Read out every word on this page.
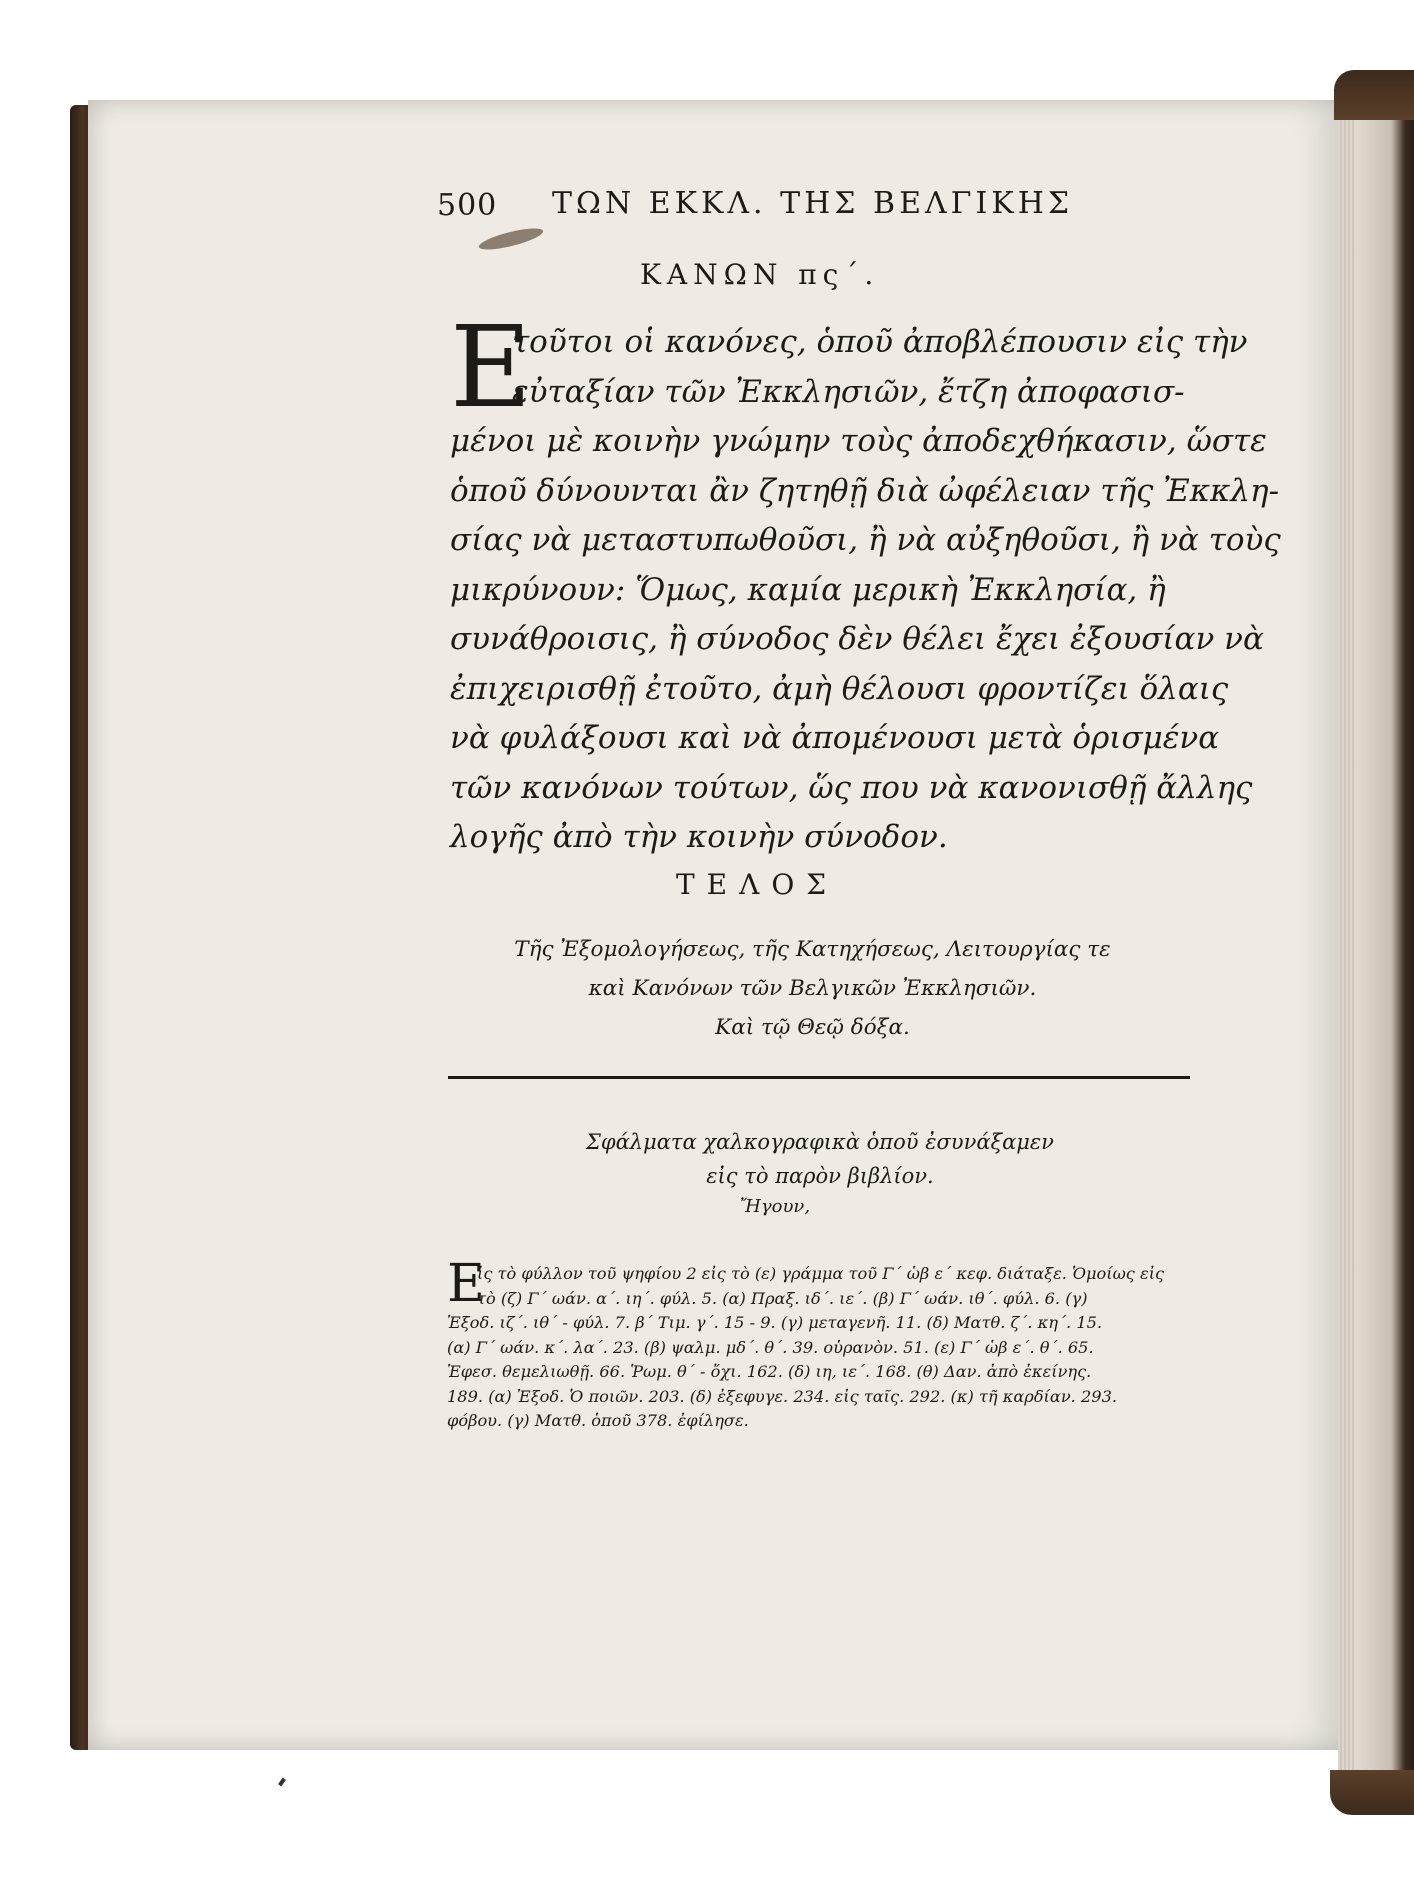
500 ΤΩΝ ΕΚΚΛ. ΤΗΣ ΒΕΛΓΙΚΗΣ
ΚΑΝΩΝ πς΄.
Ε
τοῦτοι οἱ κανόνες, ὁποῦ ἀποβλέπουσιν εἰς τὴν
εὐταξίαν τῶν Ἐκκλησιῶν, ἔτζη ἀποφασισ-
μένοι μὲ κοινὴν γνώμην τοὺς ἀποδεχθήκασιν, ὥστε
ὁποῦ δύνουνται ἂν ζητηθῇ διὰ ὠφέλειαν τῆς Ἐκκλη-
σίας νὰ μεταστυπωθοῦσι, ἢ νὰ αὐξηθοῦσι, ἢ νὰ τοὺς
μικρύνουν: Ὅμως, καμία μερικὴ Ἐκκλησία, ἢ
συνάθροισις, ἢ σύνοδος δὲν θέλει ἔχει ἐξουσίαν νὰ
ἐπιχειρισθῇ ἐτοῦτο, ἀμὴ θέλουσι φροντίζει ὅλαις
νὰ φυλάξουσι καὶ νὰ ἀπομένουσι μετὰ ὁρισμένα
τῶν κανόνων τούτων, ὥς που νὰ κανονισθῇ ἄλλης
λογῆς ἀπὸ τὴν κοινὴν σύνοδον.
ΤΕΛΟΣ
Τῆς Ἐξομολογήσεως, τῆς Κατηχήσεως, Λειτουργίας τε
καὶ Κανόνων τῶν Βελγικῶν Ἐκκλησιῶν.
Καὶ τῷ Θεῷ δόξα.
Σφάλματα χαλκογραφικὰ ὁποῦ ἐσυνάξαμεν
εἰς τὸ παρὸν βιβλίον.
Ἤγουν,
Ε
ἰς τὸ φύλλον τοῦ ψηφίου 2 εἰς τὸ (ε) γράμμα τοῦ Γ΄ ὡβ ε΄ κεφ. διάταξε. Ὁμοίως εἰς
τὸ (ζ) Γ΄ ωάν. α΄. ιη΄. φύλ. 5. (α) Πραξ. ιδ΄. ιε΄. (β) Γ΄ ωάν. ιθ΄. φύλ. 6. (γ)
Ἐξοδ. ιζ΄. ιθ΄ - φύλ. 7. β΄ Τιμ. γ΄. 15 - 9. (γ) μεταγενῆ. 11. (δ) Ματθ. ζ΄. κη΄. 15.
(α) Γ΄ ωάν. κ΄. λα΄. 23. (β) ψαλμ. μδ΄. θ΄. 39. οὐρανὸν. 51. (ε) Γ΄ ὡβ ε΄. θ΄. 65.
Ἐφεσ. θεμελιωθῇ. 66. Ῥωμ. θ΄ - ὄχι. 162. (δ) ιη, ιε΄. 168. (θ) Δαν. ἀπὸ ἐκείνης.
189. (α) Ἐξοδ. Ὁ ποιῶν. 203. (δ) ἐξεφυγε. 234. εἰς ταῖς. 292. (κ) τῆ καρδίαν. 293.
φόβου. (γ) Ματθ. ὁποῦ 378. ἐφίλησε.
